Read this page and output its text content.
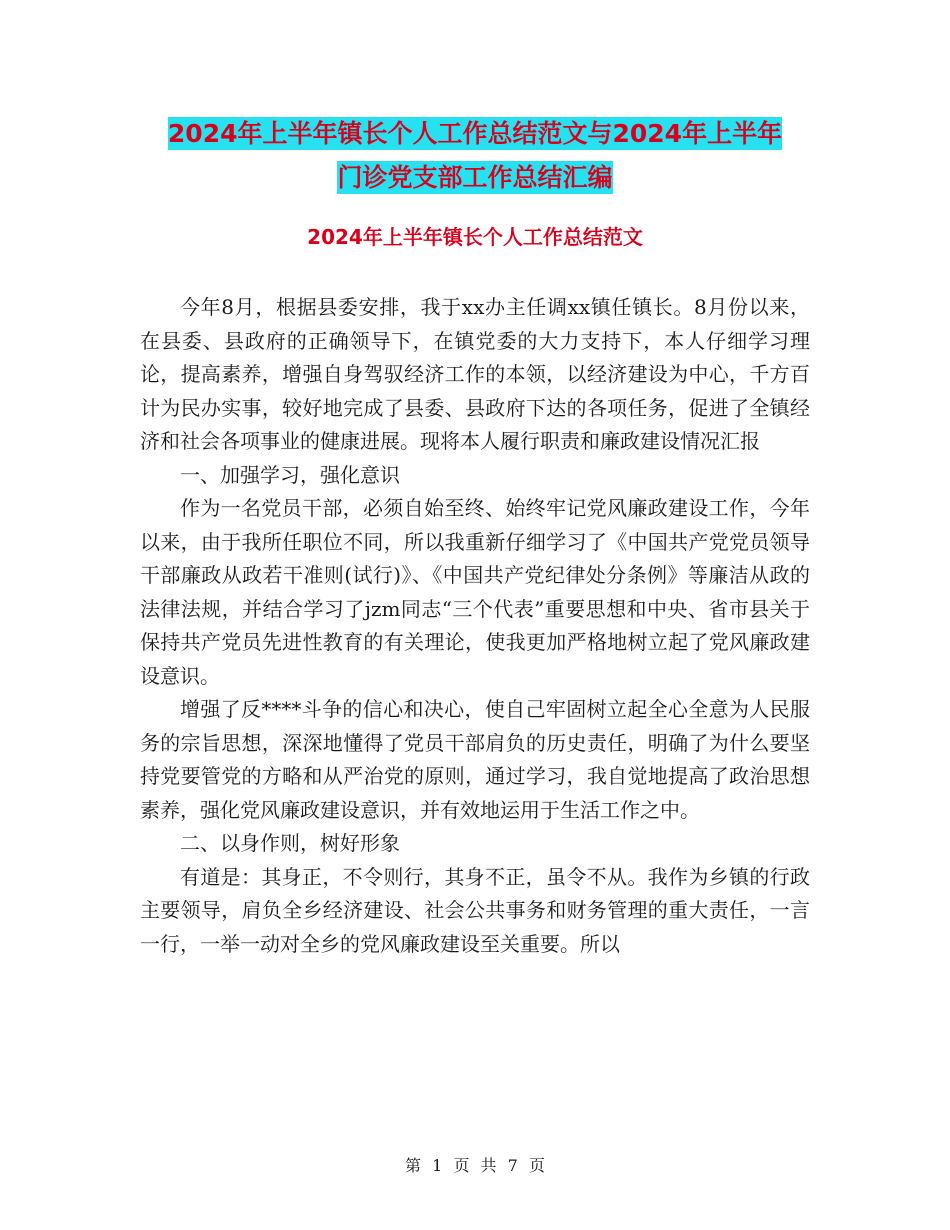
2024年上半年镇长个人工作总结范文与2024年上半年
门诊党支部工作总结汇编
2024年上半年镇长个人工作总结范文

今年8月，根据县委安排，我于xx办主任调xx镇任镇长。8月份以来，在县委、县政府的正确领导下，在镇党委的大力支持下，本人仔细学习理论，提高素养，增强自身驾驭经济工作的本领，以经济建设为中心，千方百计为民办实事，较好地完成了县委、县政府下达的各项任务，促进了全镇经济和社会各项事业的健康进展。现将本人履行职责和廉政建设情况汇报

一、加强学习，强化意识

作为一名党员干部，必须自始至终、始终牢记党风廉政建设工作，今年以来，由于我所任职位不同，所以我重新仔细学习了《中国共产党党员领导干部廉政从政若干准则(试行)》、《中国共产党纪律处分条例》等廉洁从政的法律法规，并结合学习了jzm同志“三个代表”重要思想和中央、省市县关于保持共产党员先进性教育的有关理论，使我更加严格地树立起了党风廉政建设意识。

增强了反****斗争的信心和决心，使自己牢固树立起全心全意为人民服务的宗旨思想，深深地懂得了党员干部肩负的历史责任，明确了为什么要坚持党要管党的方略和从严治党的原则，通过学习，我自觉地提高了政治思想素养，强化党风廉政建设意识，并有效地运用于生活工作之中。

二、以身作则，树好形象

有道是：其身正，不令则行，其身不正，虽令不从。我作为乡镇的行政主要领导，肩负全乡经济建设、社会公共事务和财务管理的重大责任，一言一行，一举一动对全乡的党风廉政建设至关重要。所以

第 1 页 共 7 页
